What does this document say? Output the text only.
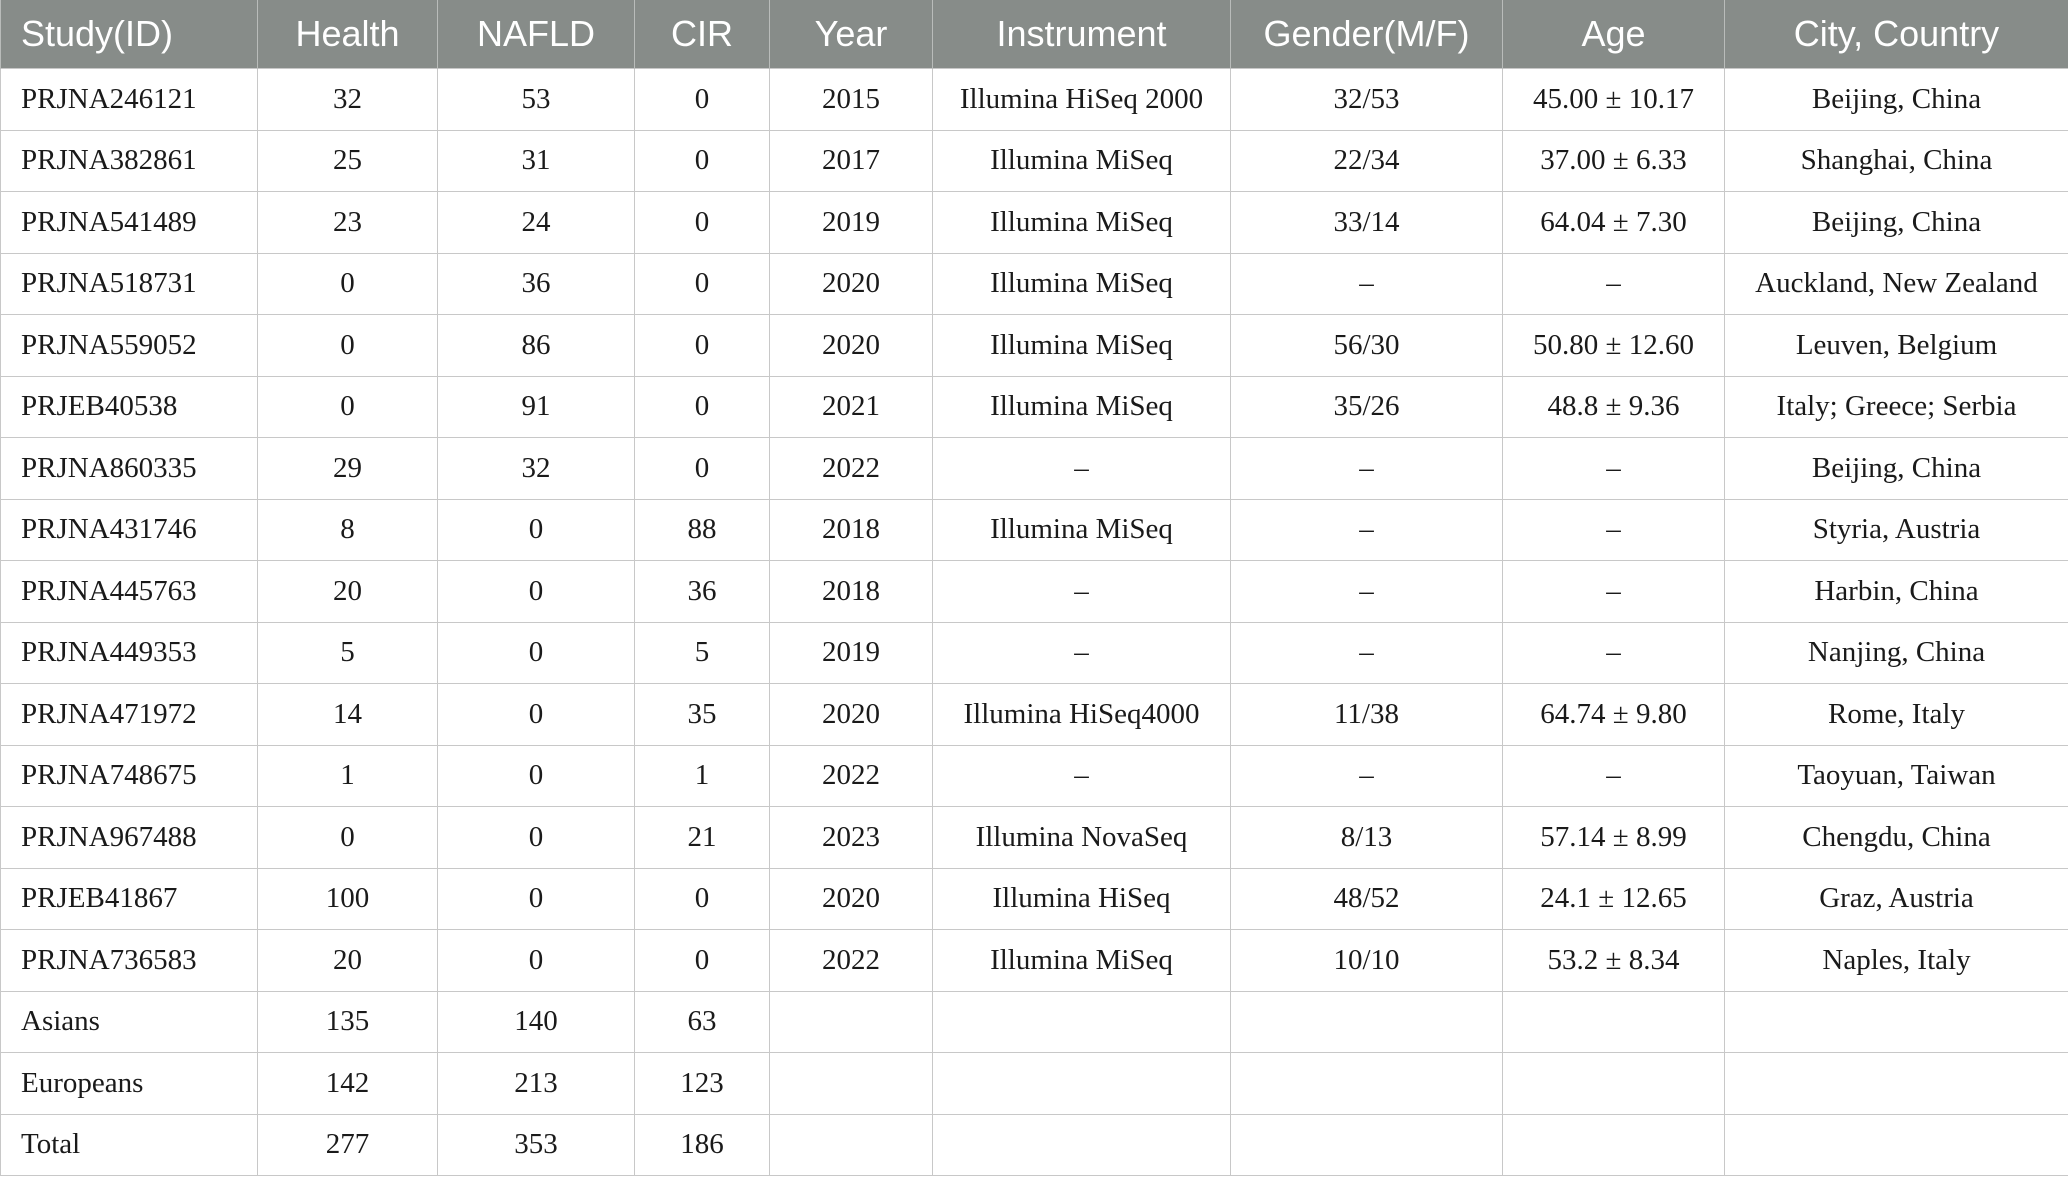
Study(ID)	Health	NAFLD	CIR	Year	Instrument	Gender(M/F)	Age	City, Country
PRJNA246121	32	53	0	2015	Illumina HiSeq 2000	32/53	45.00 ± 10.17	Beijing, China
PRJNA382861	25	31	0	2017	Illumina MiSeq	22/34	37.00 ± 6.33	Shanghai, China
PRJNA541489	23	24	0	2019	Illumina MiSeq	33/14	64.04 ± 7.30	Beijing, China
PRJNA518731	0	36	0	2020	Illumina MiSeq	–	–	Auckland, New Zealand
PRJNA559052	0	86	0	2020	Illumina MiSeq	56/30	50.80 ± 12.60	Leuven, Belgium
PRJEB40538	0	91	0	2021	Illumina MiSeq	35/26	48.8 ± 9.36	Italy; Greece; Serbia
PRJNA860335	29	32	0	2022	–	–	–	Beijing, China
PRJNA431746	8	0	88	2018	Illumina MiSeq	–	–	Styria, Austria
PRJNA445763	20	0	36	2018	–	–	–	Harbin, China
PRJNA449353	5	0	5	2019	–	–	–	Nanjing, China
PRJNA471972	14	0	35	2020	Illumina HiSeq4000	11/38	64.74 ± 9.80	Rome, Italy
PRJNA748675	1	0	1	2022	–	–	–	Taoyuan, Taiwan
PRJNA967488	0	0	21	2023	Illumina NovaSeq	8/13	57.14 ± 8.99	Chengdu, China
PRJEB41867	100	0	0	2020	Illumina HiSeq	48/52	24.1 ± 12.65	Graz, Austria
PRJNA736583	20	0	0	2022	Illumina MiSeq	10/10	53.2 ± 8.34	Naples, Italy
Asians	135	140	63					
Europeans	142	213	123					
Total	277	353	186					
